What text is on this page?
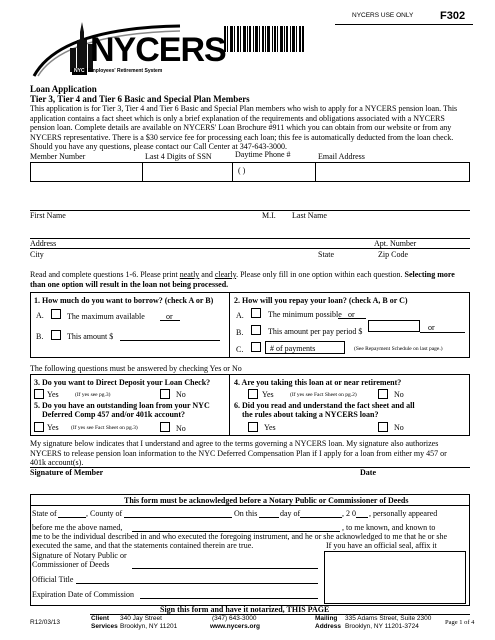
NYCERS USE ONLY F302
NYCERS
NYC Employees' Retirement System
Loan Application
Tier 3, Tier 4 and Tier 6 Basic and Special Plan Members
This application is for Tier 3, Tier 4 and Tier 6 Basic and Special Plan members who wish to apply for a NYCERS pension loan. This
application contains a fact sheet which is only a brief explanation of the requirements and obligations associated with a NYCERS
pension loan. Complete details are available on NYCERS' Loan Brochure #911 which you can obtain from our website or from any
NYCERS representative. There is a $30 service fee for processing each loan; this fee is automatically deducted from the loan check.
Should you have any questions, please contact our Call Center at 347-643-3000.
Member Number	Last 4 Digits of SSN	Daytime Phone #	Email Address
( )
First Name	M.I. Last Name
Address	Apt. Number
City	State	Zip Code
Read and complete questions 1-6. Please print neatly and clearly. Please only fill in one option within each question. Selecting more
than one option will result in the loan not being processed.
1. How much do you want to borrow? (check A or B)
A.	The maximum available	or
B.	This amount $
2. How will you repay your loan? (check A, B or C)
A.	The minimum possible or
B.	This amount per pay period $	or
C.	# of payments	(See Repayment Schedule on last page.)
The following questions must be answered by checking Yes or No
3. Do you want to Direct Deposit your Loan Check?
Yes	(If yes see pg.3)	No
5. Do you have an outstanding loan from your NYC
Deferred Comp 457 and/or 401k account?
Yes (If yes see Fact Sheet on pg.3)	No
4. Are you taking this loan at or near retirement?
Yes	(If yes see Fact Sheet on pg.2)	No
6. Did you read and understand the fact sheet and all
the rules about taking a NYCERS loan?
Yes	No
My signature below indicates that I understand and agree to the terms governing a NYCERS loan. My signature also authorizes
NYCERS to release pension loan information to the NYC Deferred Compensation Plan if I apply for a loan from either my 457 or
401k account(s).
Signature of Member	Date
This form must be acknowledged before a Notary Public or Commissioner of Deeds
State of	, County of	On this	day of	, 2 0 , personally appeared
before me the above named,	, to me known, and known to
me to be the individual described in and who executed the foregoing instrument, and he or she acknowledged to me that he or she
executed the same, and that the statements contained therein are true.	If you have an official seal, affix it
Signature of Notary Public or
Commissioner of Deeds
Official Title
Expiration Date of Commission
Sign this form and have it notarized, THIS PAGE
R12/03/13
Client
Services
340 Jay Street
Brooklyn, NY 11201
(347) 643-3000
www.nycers.org
Mailing
Address
335 Adams Street, Suite 2300
Brooklyn, NY 11201-3724
Page 1 of 4
